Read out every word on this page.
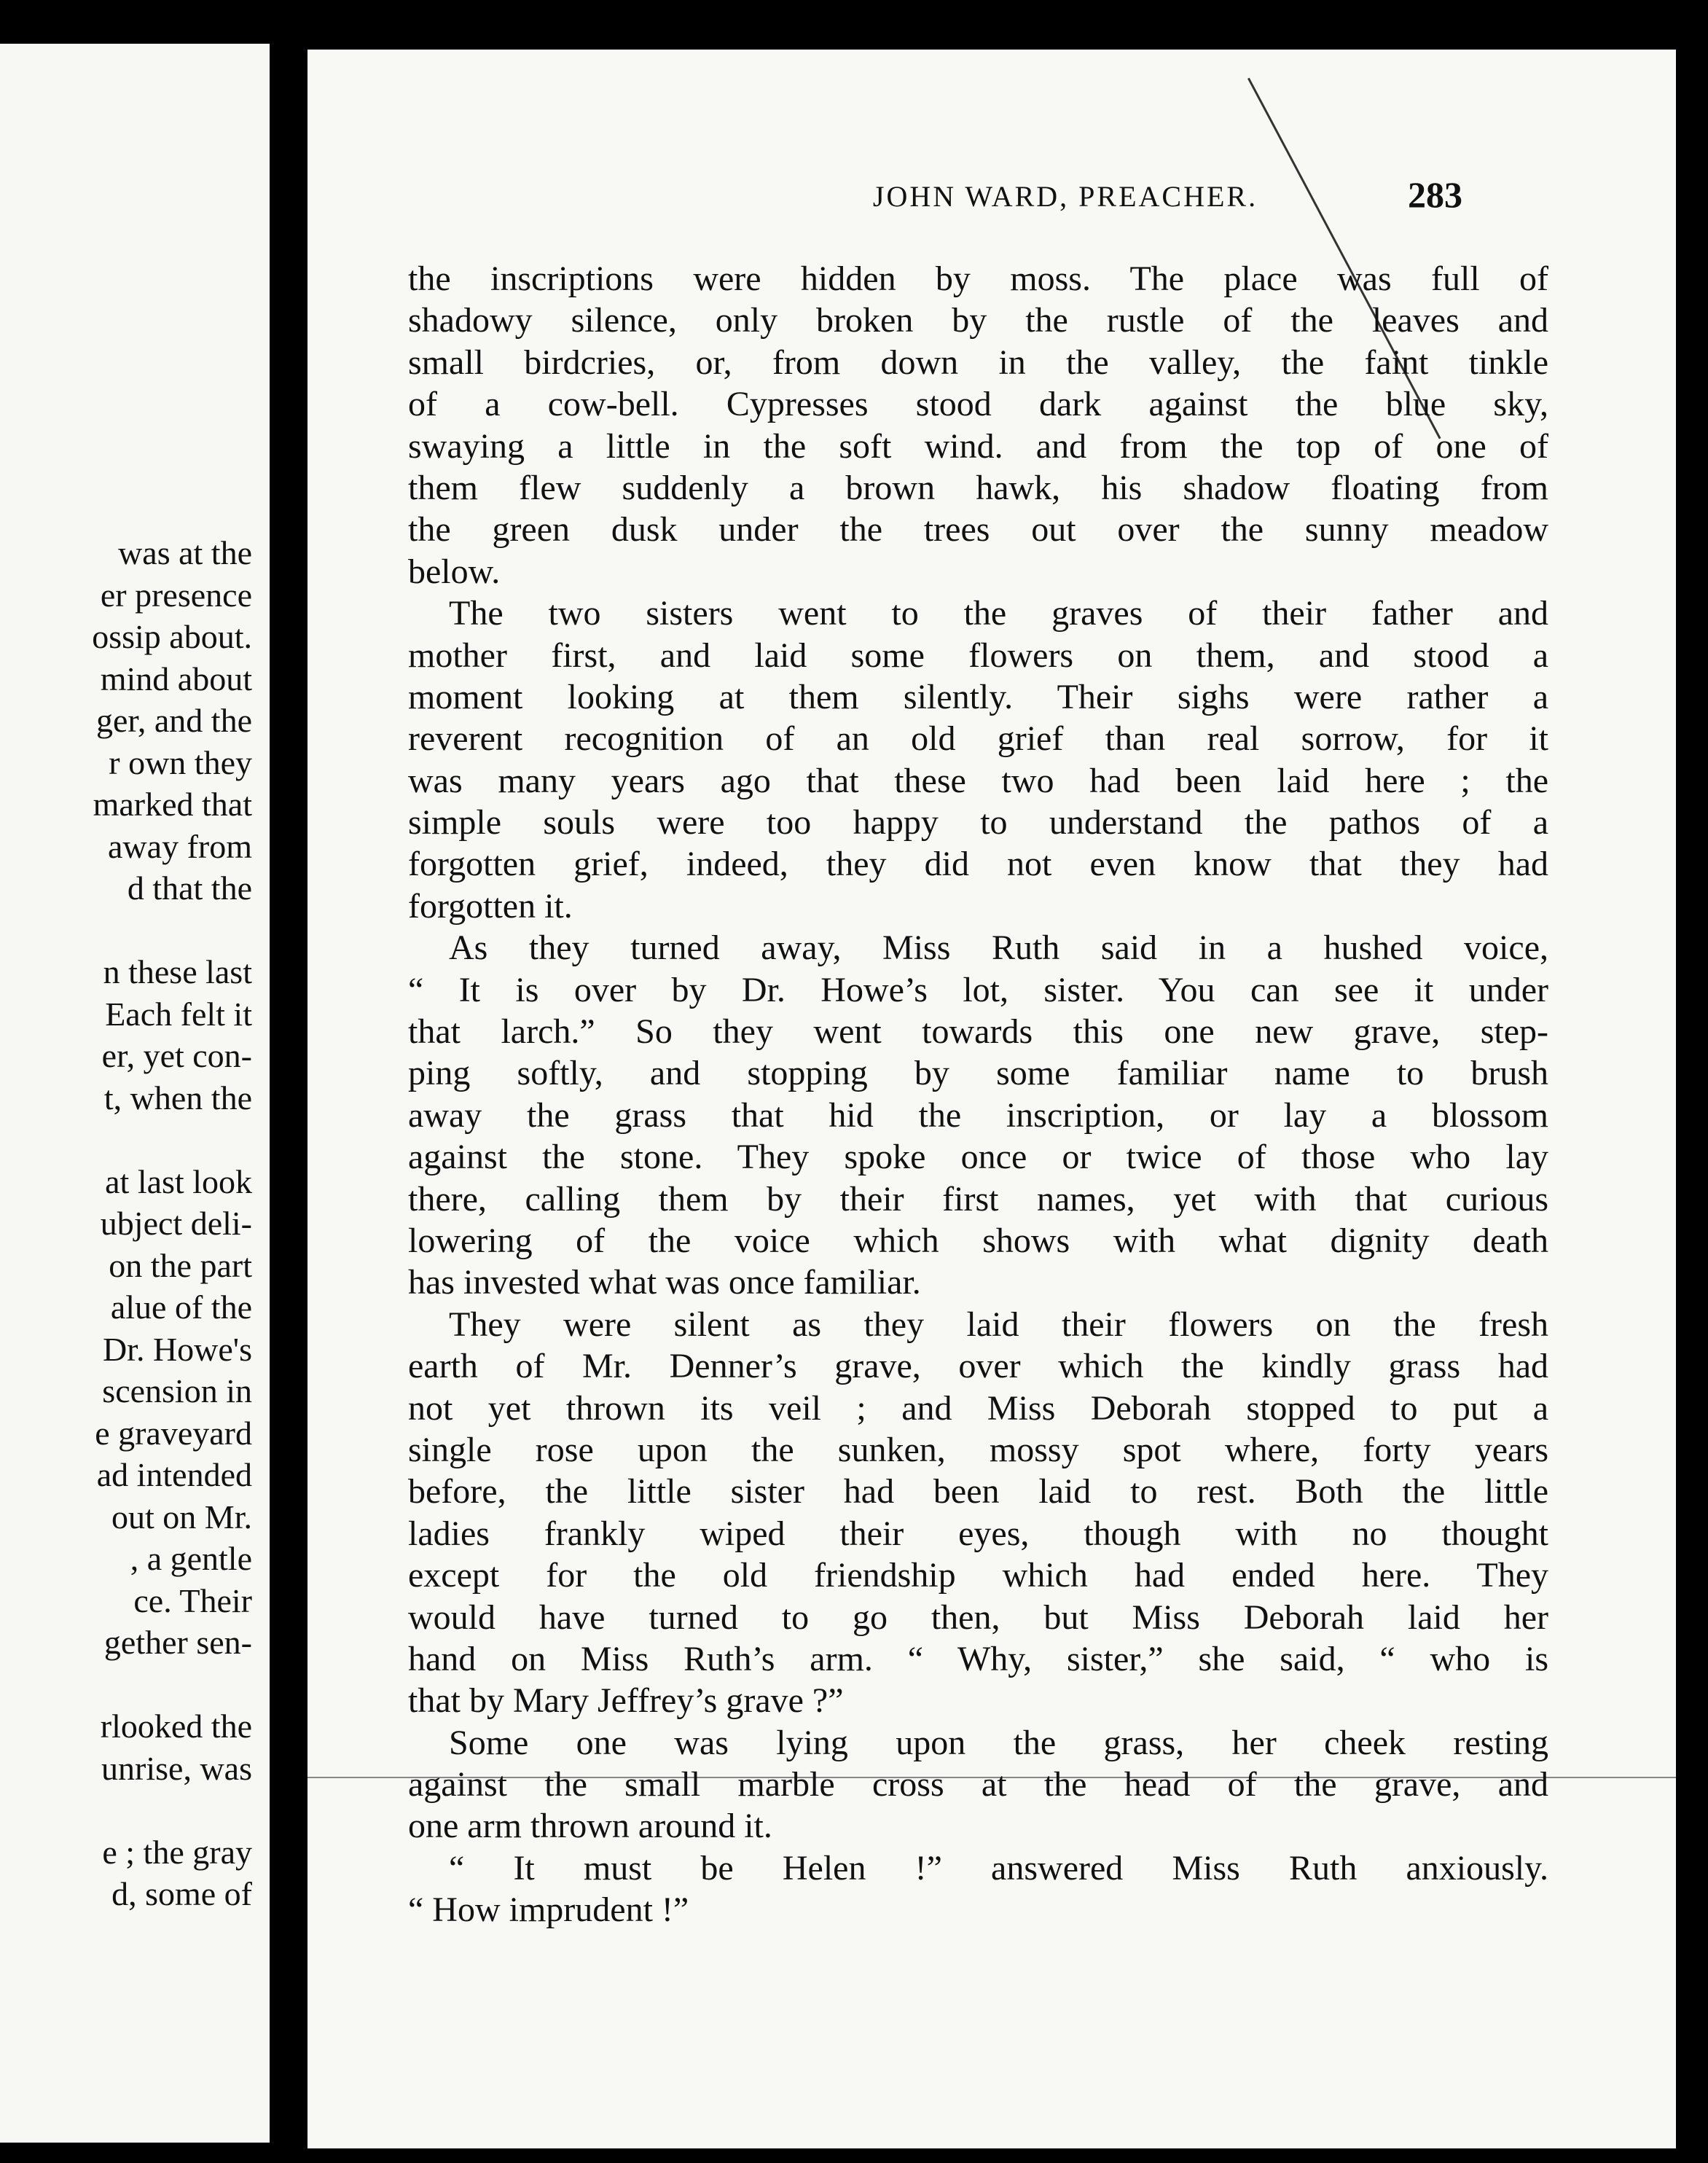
was at the
er presence
ossip about.
mind about
ger, and the
r own they
marked that
away from
d that the
n these last
Each felt it
er, yet con-
t, when the
at last look
ubject deli-
on the part
alue of the
Dr. Howe's
scension in
e graveyard
ad intended
out on Mr.
, a gentle
ce. Their
gether sen-
rlooked the
unrise, was
e ; the gray
d, some of
JOHN WARD, PREACHER.	283
the inscriptions were hidden by moss. The place was full of
shadowy silence, only broken by the rustle of the leaves and
small birdcries, or, from down in the valley, the faint tinkle
of a cow-bell. Cypresses stood dark against the blue sky,
swaying a little in the soft wind. and from the top of one of
them flew suddenly a brown hawk, his shadow floating from
the green dusk under the trees out over the sunny meadow
below.
The two sisters went to the graves of their father and
mother first, and laid some flowers on them, and stood a
moment looking at them silently. Their sighs were rather a
reverent recognition of an old grief than real sorrow, for it
was many years ago that these two had been laid here ; the
simple souls were too happy to understand the pathos of a
forgotten grief, indeed, they did not even know that they had
forgotten it.
As they turned away, Miss Ruth said in a hushed voice,
“ It is over by Dr. Howe’s lot, sister. You can see it under
that larch.” So they went towards this one new grave, step-
ping softly, and stopping by some familiar name to brush
away the grass that hid the inscription, or lay a blossom
against the stone. They spoke once or twice of those who lay
there, calling them by their first names, yet with that curious
lowering of the voice which shows with what dignity death
has invested what was once familiar.
They were silent as they laid their flowers on the fresh
earth of Mr. Denner’s grave, over which the kindly grass had
not yet thrown its veil ; and Miss Deborah stopped to put a
single rose upon the sunken, mossy spot where, forty years
before, the little sister had been laid to rest. Both the little
ladies frankly wiped their eyes, though with no thought
except for the old friendship which had ended here. They
would have turned to go then, but Miss Deborah laid her
hand on Miss Ruth’s arm. “ Why, sister,” she said, “ who is
that by Mary Jeffrey’s grave ?”
Some one was lying upon the grass, her cheek resting
against the small marble cross at the head of the grave, and
one arm thrown around it.
“ It must be Helen !” answered Miss Ruth anxiously.
“ How imprudent !”
